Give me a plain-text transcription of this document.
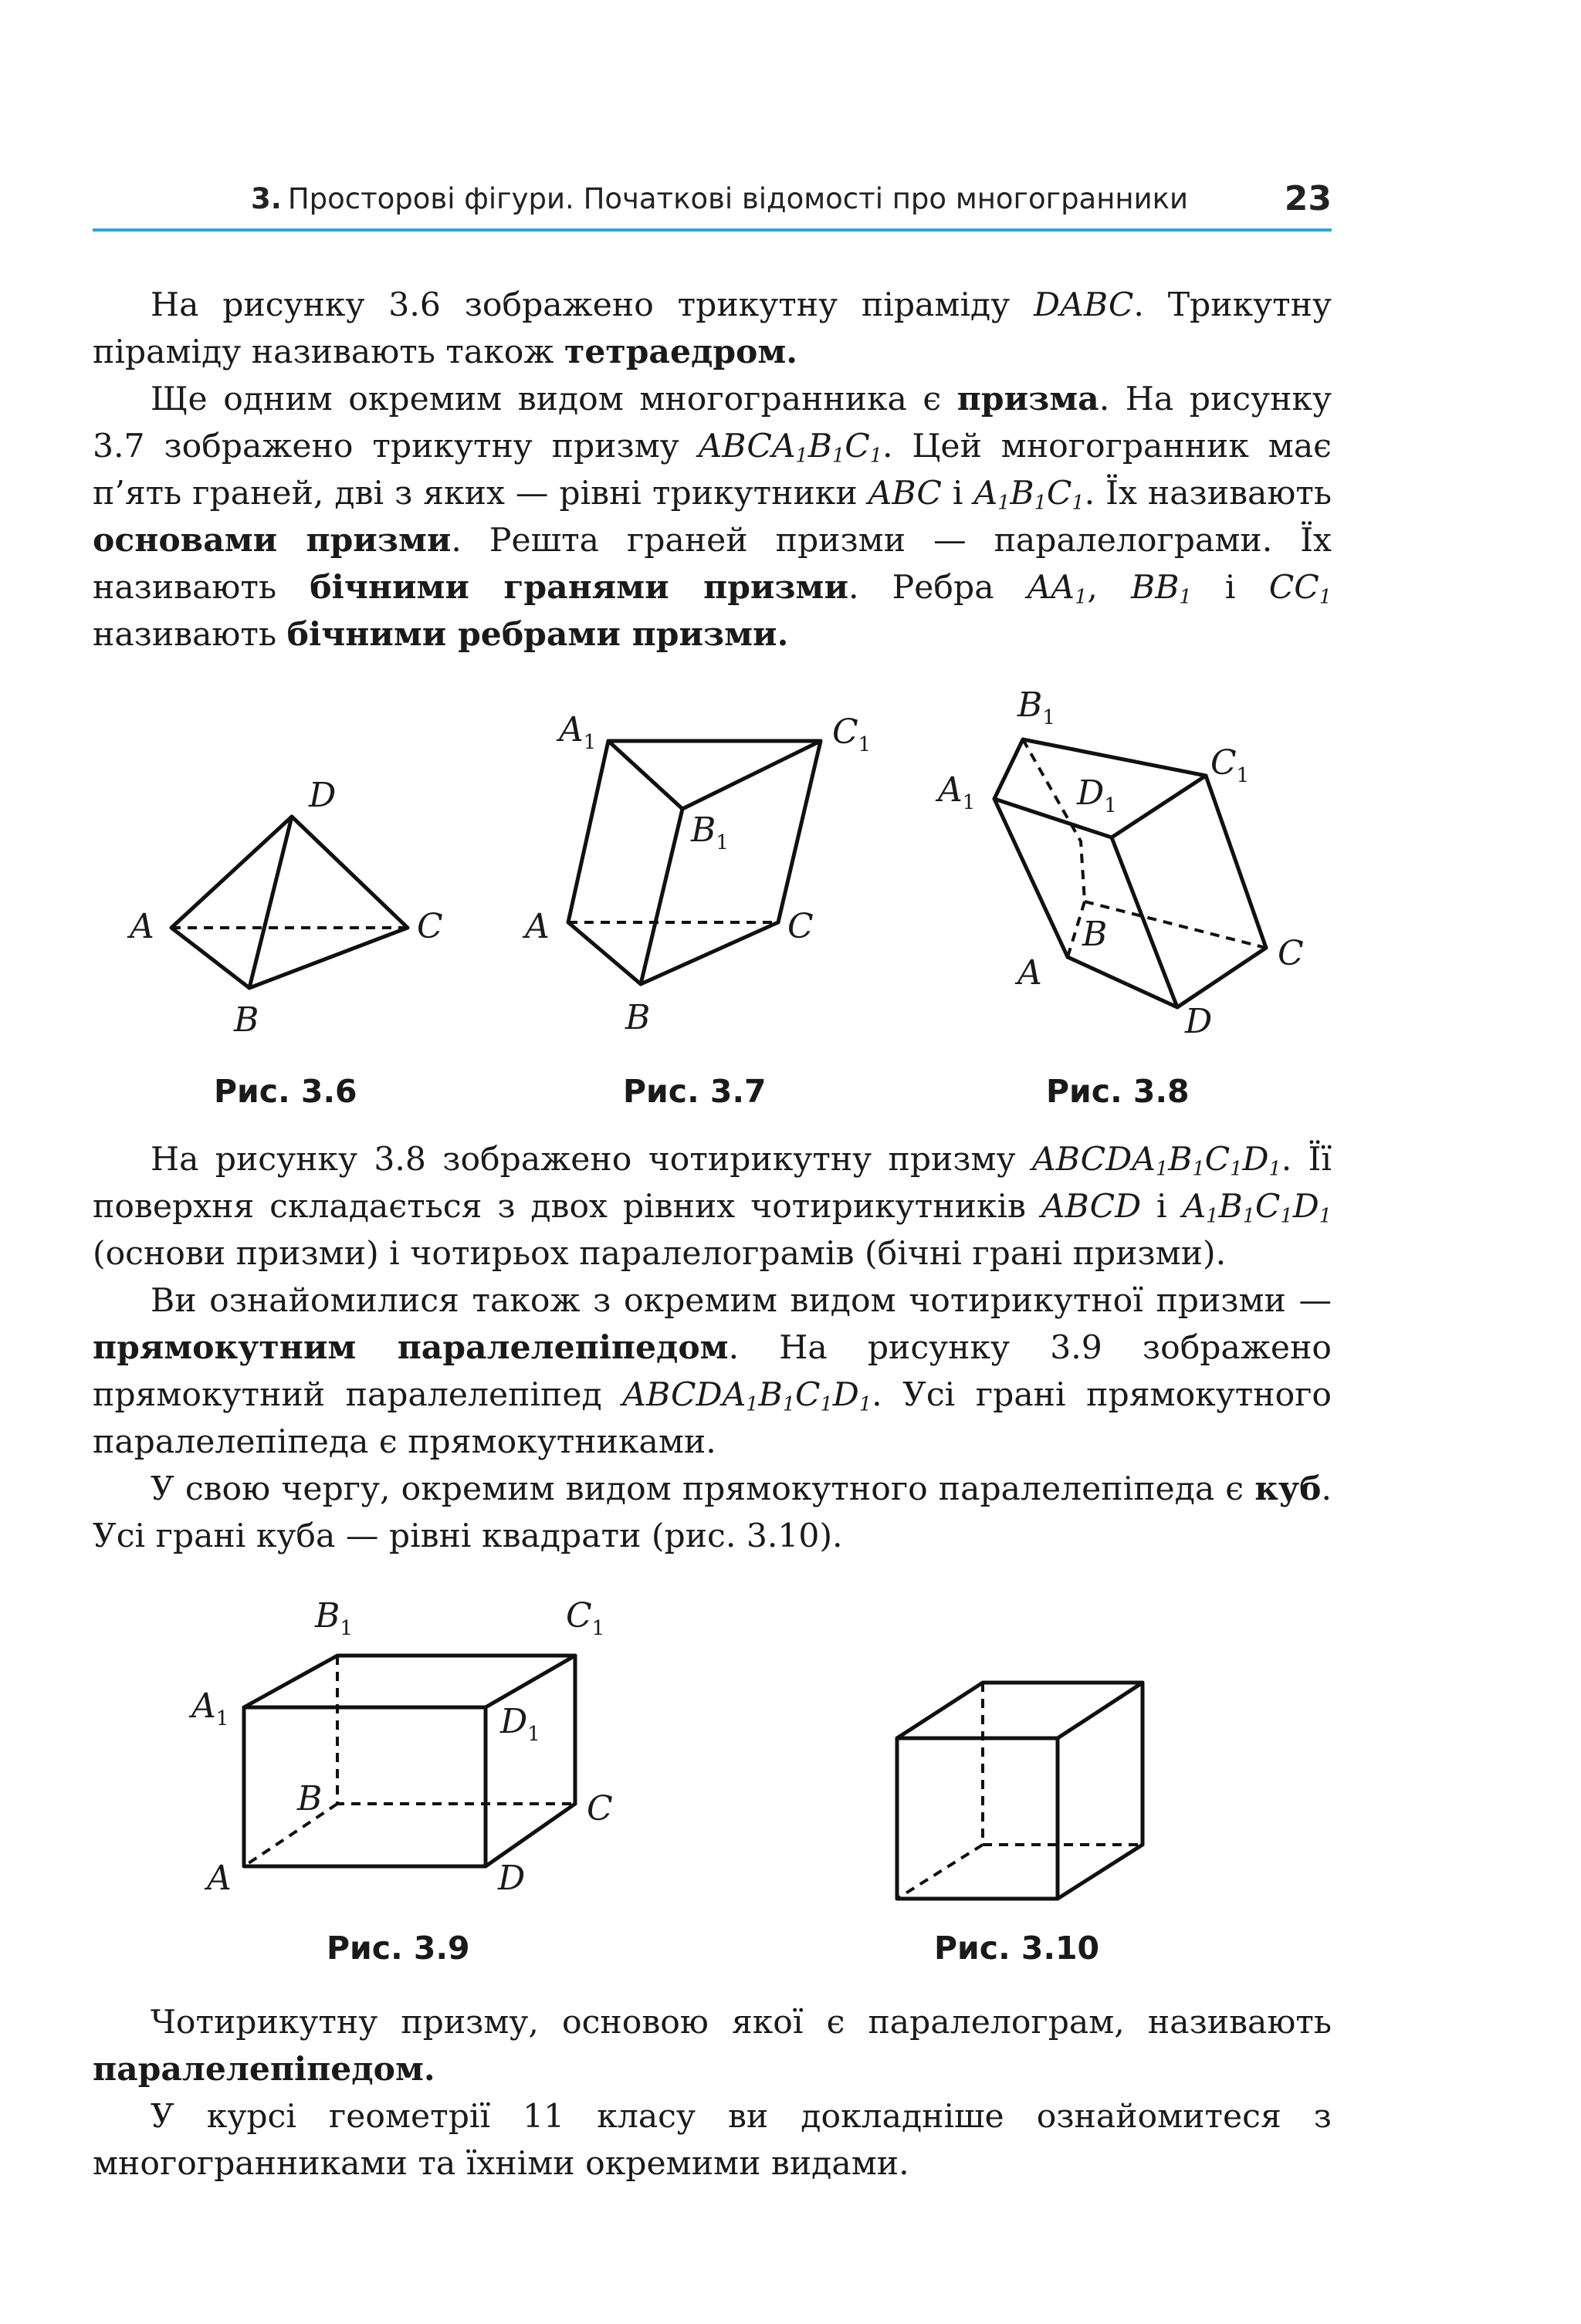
3. Просторові фігури. Початкові відомості про многогранники	23

На рисунку 3.6 зображено трикутну піраміду DABC. Трикутну піраміду називають також тетраедром.

Ще одним окремим видом многогранника є призма. На рисунку 3.7 зображено трикутну призму $ABCA_1B_1C_1$. Цей многогранник має п’ять граней, дві з яких — рівні трикутники ABC і $A_1B_1C_1$. Їх називають основами призми. Решта граней призми — паралелограми. Їх називають бічними гранями призми. Ребра $AA_1$, $BB_1$ і $CC_1$ називають бічними ребрами призми.

A
D
C
B
$A_1$	$C_1$
$B_1$
A	C
B
$B_1$
$C_1$
$A_1$	$D_1$
B
A	C
D
$B_1$	$C_1$
$A_1$	$D_1$
B	C
A	D
Рис. 3.6	Рис. 3.7	Рис. 3.8

На рисунку 3.8 зображено чотирикутну призму $ABCDA_1B_1C_1D_1$. Її поверхня складається з двох рівних чотирикутників ABCD і $A_1B_1C_1D_1$ (основи призми) і чотирьох паралелограмів (бічні грані призми).

Ви ознайомилися також з окремим видом чотирикутної призми — прямокутним паралелепіпедом. На рисунку 3.9 зображено прямокутний паралелепіпед $ABCDA_1B_1C_1D_1$. Усі грані прямокутного паралелепіпеда є прямокутниками.

У свою чергу, окремим видом прямокутного паралелепіпеда є куб. Усі грані куба — рівні квадрати (рис. 3.10).

Рис. 3.9	Рис. 3.10

Чотирикутну призму, основою якої є паралелограм, називають паралелепіпедом.

У курсі геометрії 11 класу ви докладніше ознайомитеся з многогранниками та їхніми окремими видами.
